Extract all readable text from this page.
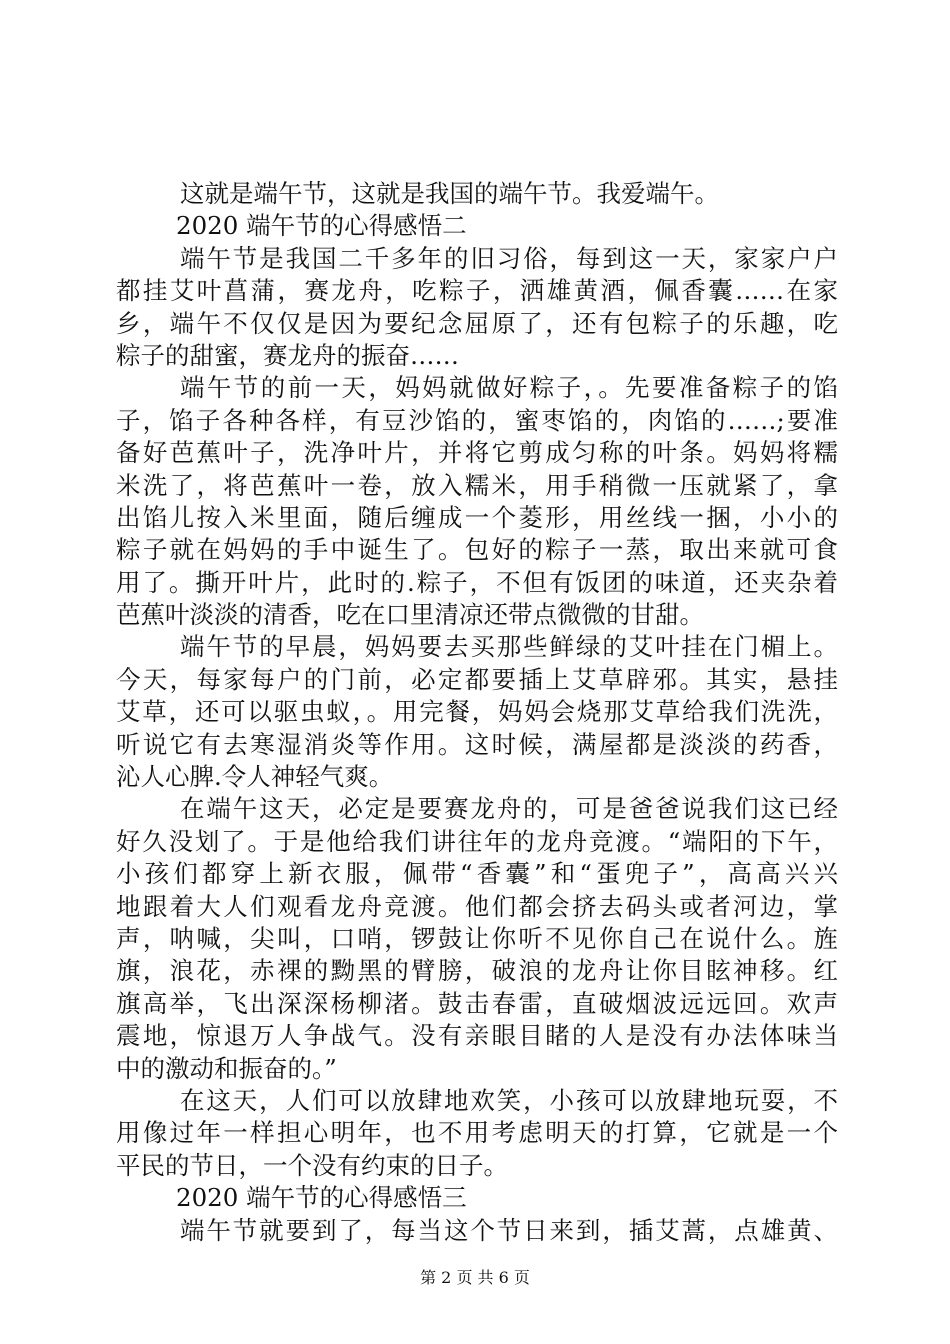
这就是端午节，这就是我国的端午节。我爱端午。
2020 端午节的心得感悟二
端午节是我国二千多年的旧习俗，每到这一天，家家户户
都挂艾叶菖蒲，赛龙舟，吃粽子，洒雄黄酒，佩香囊……在家
乡，端午不仅仅是因为要纪念屈原了，还有包粽子的乐趣，吃
粽子的甜蜜，赛龙舟的振奋……
端午节的前一天，妈妈就做好粽子，。先要准备粽子的馅
子，馅子各种各样，有豆沙馅的，蜜枣馅的，肉馅的……;要准
备好芭蕉叶子，洗净叶片，并将它剪成匀称的叶条。妈妈将糯
米洗了，将芭蕉叶一卷，放入糯米，用手稍微一压就紧了，拿
出馅儿按入米里面，随后缠成一个菱形，用丝线一捆，小小的
粽子就在妈妈的手中诞生了。包好的粽子一蒸，取出来就可食
用了。撕开叶片，此时的.粽子，不但有饭团的味道，还夹杂着
芭蕉叶淡淡的清香，吃在口里清凉还带点微微的甘甜。
端午节的早晨，妈妈要去买那些鲜绿的艾叶挂在门楣上。
今天，每家每户的门前，必定都要插上艾草辟邪。其实，悬挂
艾草，还可以驱虫蚁，。用完餐，妈妈会烧那艾草给我们洗洗，
听说它有去寒湿消炎等作用。这时候，满屋都是淡淡的药香，
沁人心脾.令人神轻气爽。
在端午这天，必定是要赛龙舟的，可是爸爸说我们这已经
好久没划了。于是他给我们讲往年的龙舟竞渡。“端阳的下午，
小孩们都穿上新衣服，佩带“香囊”和“蛋兜子”，高高兴兴
地跟着大人们观看龙舟竞渡。他们都会挤去码头或者河边，掌
声，呐喊，尖叫，口哨，锣鼓让你听不见你自己在说什么。旌
旗，浪花，赤裸的黝黑的臂膀，破浪的龙舟让你目眩神移。红
旗高举，飞出深深杨柳渚。鼓击春雷，直破烟波远远回。欢声
震地，惊退万人争战气。没有亲眼目睹的人是没有办法体味当
中的激动和振奋的。”
在这天，人们可以放肆地欢笑，小孩可以放肆地玩耍，不
用像过年一样担心明年，也不用考虑明天的打算，它就是一个
平民的节日，一个没有约束的日子。
2020 端午节的心得感悟三
端午节就要到了，每当这个节日来到，插艾蒿，点雄黄、
第 2 页 共 6 页
